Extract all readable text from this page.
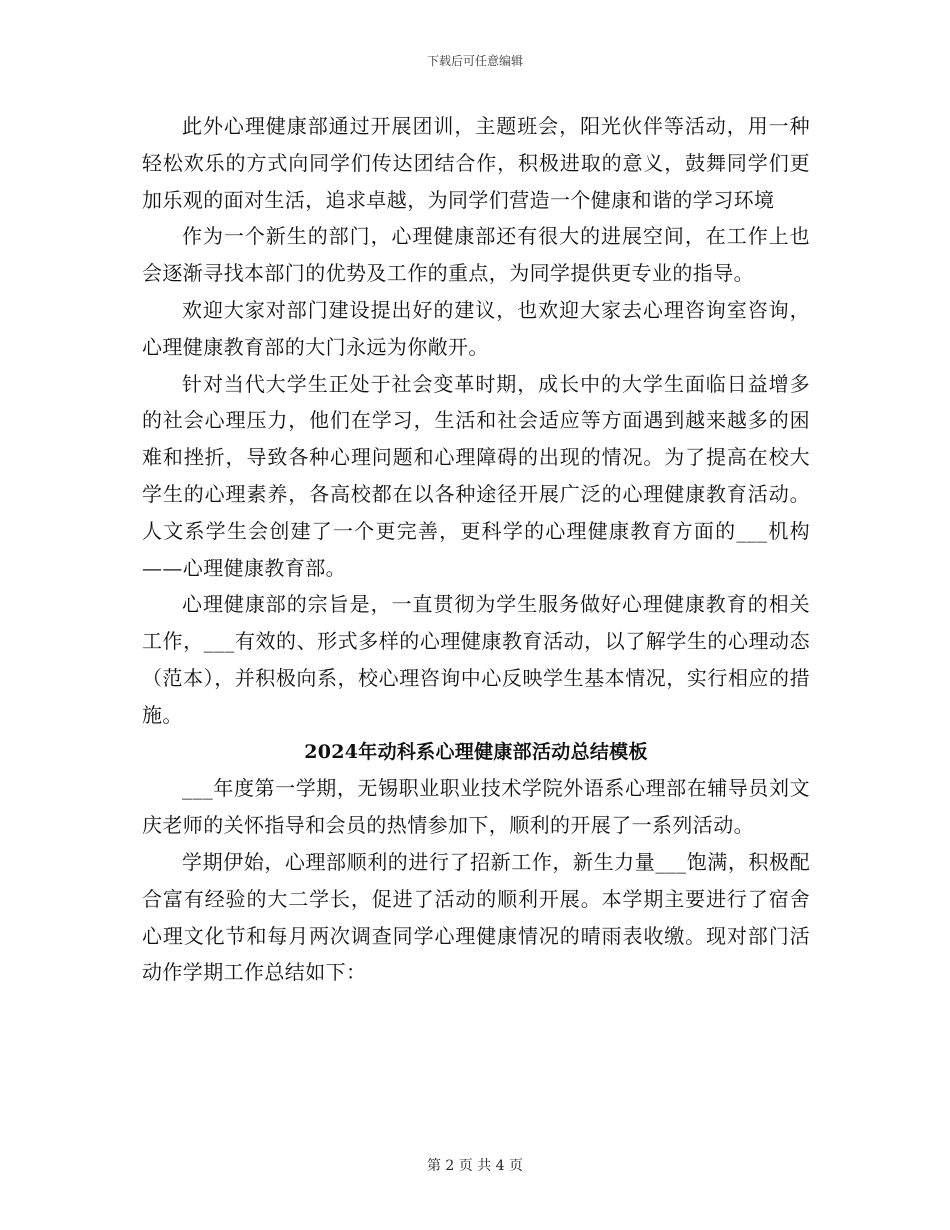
下载后可任意编辑

此外心理健康部通过开展团训，主题班会，阳光伙伴等活动，用一种轻松欢乐的方式向同学们传达团结合作，积极进取的意义，鼓舞同学们更加乐观的面对生活，追求卓越，为同学们营造一个健康和谐的学习环境

作为一个新生的部门，心理健康部还有很大的进展空间，在工作上也会逐渐寻找本部门的优势及工作的重点，为同学提供更专业的指导。

欢迎大家对部门建设提出好的建议，也欢迎大家去心理咨询室咨询，心理健康教育部的大门永远为你敞开。

针对当代大学生正处于社会变革时期，成长中的大学生面临日益增多的社会心理压力，他们在学习，生活和社会适应等方面遇到越来越多的困难和挫折，导致各种心理问题和心理障碍的出现的情况。为了提高在校大学生的心理素养，各高校都在以各种途径开展广泛的心理健康教育活动。人文系学生会创建了一个更完善，更科学的心理健康教育方面的___机构——心理健康教育部。

心理健康部的宗旨是，一直贯彻为学生服务做好心理健康教育的相关工作，___有效的、形式多样的心理健康教育活动，以了解学生的心理动态（范本），并积极向系，校心理咨询中心反映学生基本情况，实行相应的措施。

2024年动科系心理健康部活动总结模板

___年度第一学期，无锡职业职业技术学院外语系心理部在辅导员刘文庆老师的关怀指导和会员的热情参加下，顺利的开展了一系列活动。

学期伊始，心理部顺利的进行了招新工作，新生力量___饱满，积极配合富有经验的大二学长，促进了活动的顺利开展。本学期主要进行了宿舍心理文化节和每月两次调查同学心理健康情况的晴雨表收缴。现对部门活动作学期工作总结如下：

第 2 页 共 4 页
